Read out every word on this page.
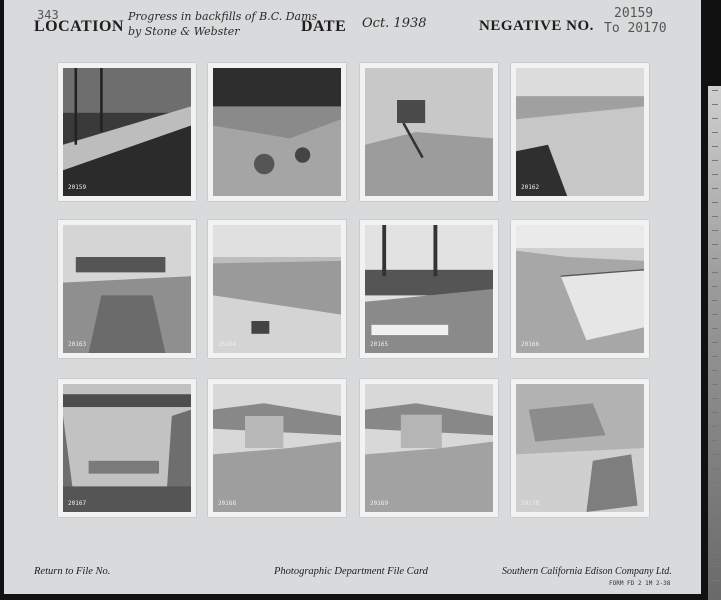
343
LOCATION
Progress in backfills of B.C. Dams
by Stone & Webster	DATE Oct. 1938	NEGATIVE NO.
20159
To 20170
20159	20162
20163	20164	20165	20166
20167	20168	20169	20170
Return to File No.	Photographic Department File Card	Southern California Edison Company Ltd.
FORM FD 2 1M 2-38
